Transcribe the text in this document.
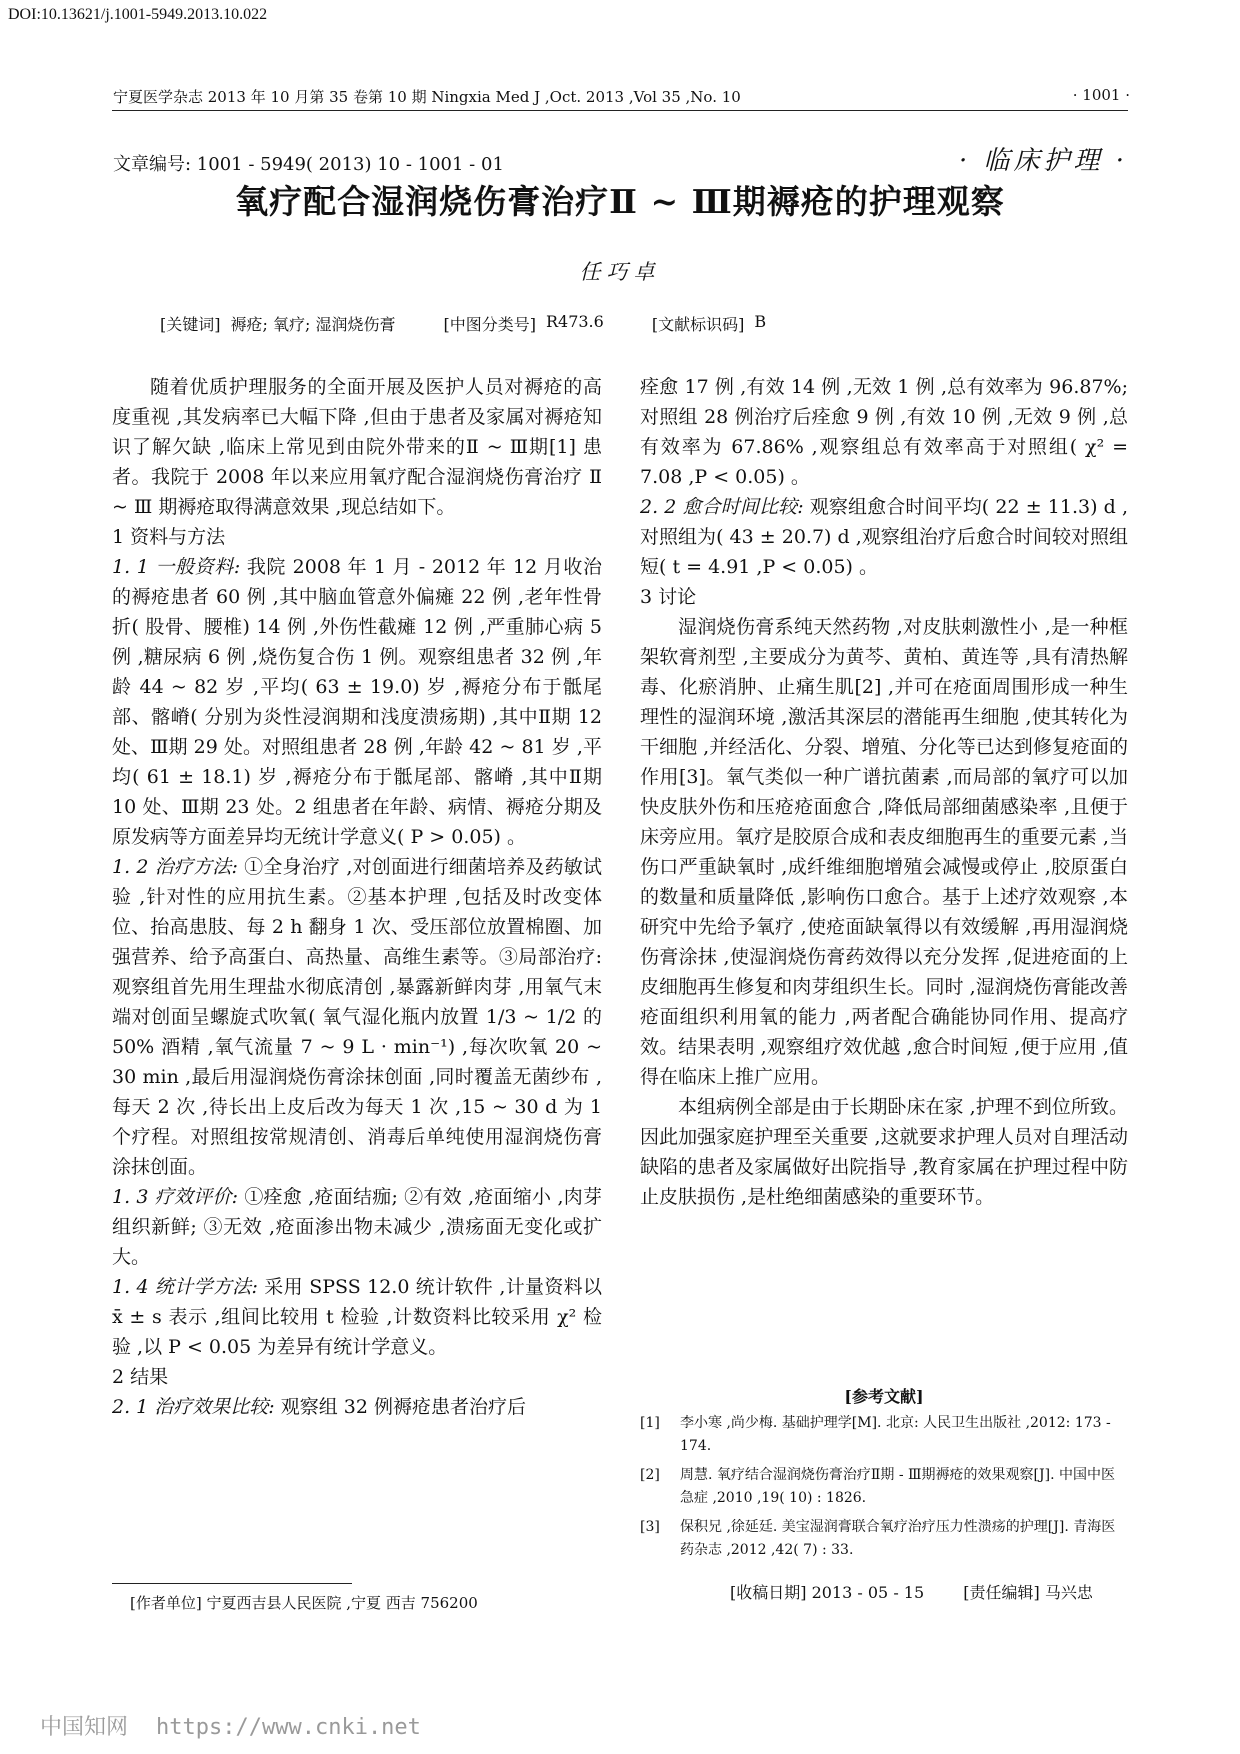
DOI:10.13621/j.1001-5949.2013.10.022
宁夏医学杂志 2013 年 10 月第 35 卷第 10 期 Ningxia Med J ,Oct. 2013 ,Vol 35 ,No. 10	· 1001 ·
文章编号: 1001 - 5949( 2013) 10 - 1001 - 01	· 临床护理 ·
氧疗配合湿润烧伤膏治疗Ⅱ ~ Ⅲ期褥疮的护理观察
任巧卓
[关键词] 褥疮; 氧疗; 湿润烧伤膏	[中图分类号] R473.6	[文献标识码] B

随着优质护理服务的全面开展及医护人员对褥疮的高度重视 ,其发病率已大幅下降 ,但由于患者及家属对褥疮知识了解欠缺 ,临床上常见到由院外带来的Ⅱ ~ Ⅲ期[1] 患者。我院于 2008 年以来应用氧疗配合湿润烧伤膏治疗 Ⅱ ~ Ⅲ 期褥疮取得满意效果 ,现总结如下。

1 资料与方法

1. 1 一般资料: 我院 2008 年 1 月 - 2012 年 12 月收治的褥疮患者 60 例 ,其中脑血管意外偏瘫 22 例 ,老年性骨折( 股骨、腰椎) 14 例 ,外伤性截瘫 12 例 ,严重肺心病 5 例 ,糖尿病 6 例 ,烧伤复合伤 1 例。观察组患者 32 例 ,年龄 44 ~ 82 岁 ,平均( 63 ± 19.0) 岁 ,褥疮分布于骶尾部、髂嵴( 分别为炎性浸润期和浅度溃疡期) ,其中Ⅱ期 12 处、Ⅲ期 29 处。对照组患者 28 例 ,年龄 42 ~ 81 岁 ,平均( 61 ± 18.1) 岁 ,褥疮分布于骶尾部、髂嵴 ,其中Ⅱ期 10 处、Ⅲ期 23 处。2 组患者在年龄、病情、褥疮分期及原发病等方面差异均无统计学意义( P > 0.05) 。

1. 2 治疗方法: ①全身治疗 ,对创面进行细菌培养及药敏试验 ,针对性的应用抗生素。②基本护理 ,包括及时改变体位、抬高患肢、每 2 h 翻身 1 次、受压部位放置棉圈、加强营养、给予高蛋白、高热量、高维生素等。③局部治疗: 观察组首先用生理盐水彻底清创 ,暴露新鲜肉芽 ,用氧气末端对创面呈螺旋式吹氧( 氧气湿化瓶内放置 1/3 ~ 1/2 的 50% 酒精 ,氧气流量 7 ~ 9 L · min⁻¹) ,每次吹氧 20 ~ 30 min ,最后用湿润烧伤膏涂抹创面 ,同时覆盖无菌纱布 ,每天 2 次 ,待长出上皮后改为每天 1 次 ,15 ~ 30 d 为 1 个疗程。对照组按常规清创、消毒后单纯使用湿润烧伤膏涂抹创面。

1. 3 疗效评价: ①痊愈 ,疮面结痂; ②有效 ,疮面缩小 ,肉芽组织新鲜; ③无效 ,疮面渗出物未减少 ,溃疡面无变化或扩大。

1. 4 统计学方法: 采用 SPSS 12.0 统计软件 ,计量资料以 x̄ ± s 表示 ,组间比较用 t 检验 ,计数资料比较采用 χ² 检验 ,以 P < 0.05 为差异有统计学意义。

2 结果

2. 1 治疗效果比较: 观察组 32 例褥疮患者治疗后

痊愈 17 例 ,有效 14 例 ,无效 1 例 ,总有效率为 96.87%; 对照组 28 例治疗后痊愈 9 例 ,有效 10 例 ,无效 9 例 ,总有效率为 67.86% ,观察组总有效率高于对照组( χ² = 7.08 ,P < 0.05) 。

2. 2 愈合时间比较: 观察组愈合时间平均( 22 ± 11.3) d ,对照组为( 43 ± 20.7) d ,观察组治疗后愈合时间较对照组短( t = 4.91 ,P < 0.05) 。

3 讨论

湿润烧伤膏系纯天然药物 ,对皮肤刺激性小 ,是一种框架软膏剂型 ,主要成分为黄芩、黄柏、黄连等 ,具有清热解毒、化瘀消肿、止痛生肌[2] ,并可在疮面周围形成一种生理性的湿润环境 ,激活其深层的潜能再生细胞 ,使其转化为干细胞 ,并经活化、分裂、增殖、分化等已达到修复疮面的作用[3]。氧气类似一种广谱抗菌素 ,而局部的氧疗可以加快皮肤外伤和压疮疮面愈合 ,降低局部细菌感染率 ,且便于床旁应用。氧疗是胶原合成和表皮细胞再生的重要元素 ,当伤口严重缺氧时 ,成纤维细胞增殖会减慢或停止 ,胶原蛋白的数量和质量降低 ,影响伤口愈合。基于上述疗效观察 ,本研究中先给予氧疗 ,使疮面缺氧得以有效缓解 ,再用湿润烧伤膏涂抹 ,使湿润烧伤膏药效得以充分发挥 ,促进疮面的上皮细胞再生修复和肉芽组织生长。同时 ,湿润烧伤膏能改善疮面组织利用氧的能力 ,两者配合确能协同作用、提高疗效。结果表明 ,观察组疗效优越 ,愈合时间短 ,便于应用 ,值得在临床上推广应用。

本组病例全部是由于长期卧床在家 ,护理不到位所致。因此加强家庭护理至关重要 ,这就要求护理人员对自理活动缺陷的患者及家属做好出院指导 ,教育家属在护理过程中防止皮肤损伤 ,是杜绝细菌感染的重要环节。

[参考文献]
[1]	李小寒 ,尚少梅. 基础护理学[M]. 北京: 人民卫生出版社 ,2012: 173 - 174.
[2]	周慧. 氧疗结合湿润烧伤膏治疗Ⅱ期 - Ⅲ期褥疮的效果观察[J]. 中国中医急症 ,2010 ,19( 10) : 1826.
[3]	保积兄 ,徐延廷. 美宝湿润膏联合氧疗治疗压力性溃疡的护理[J]. 青海医药杂志 ,2012 ,42( 7) : 33.
[收稿日期] 2013 - 05 - 15 [责任编辑] 马兴忠
[作者单位] 宁夏西吉县人民医院 ,宁夏 西吉 756200
中国知网 https://www.cnki.net
